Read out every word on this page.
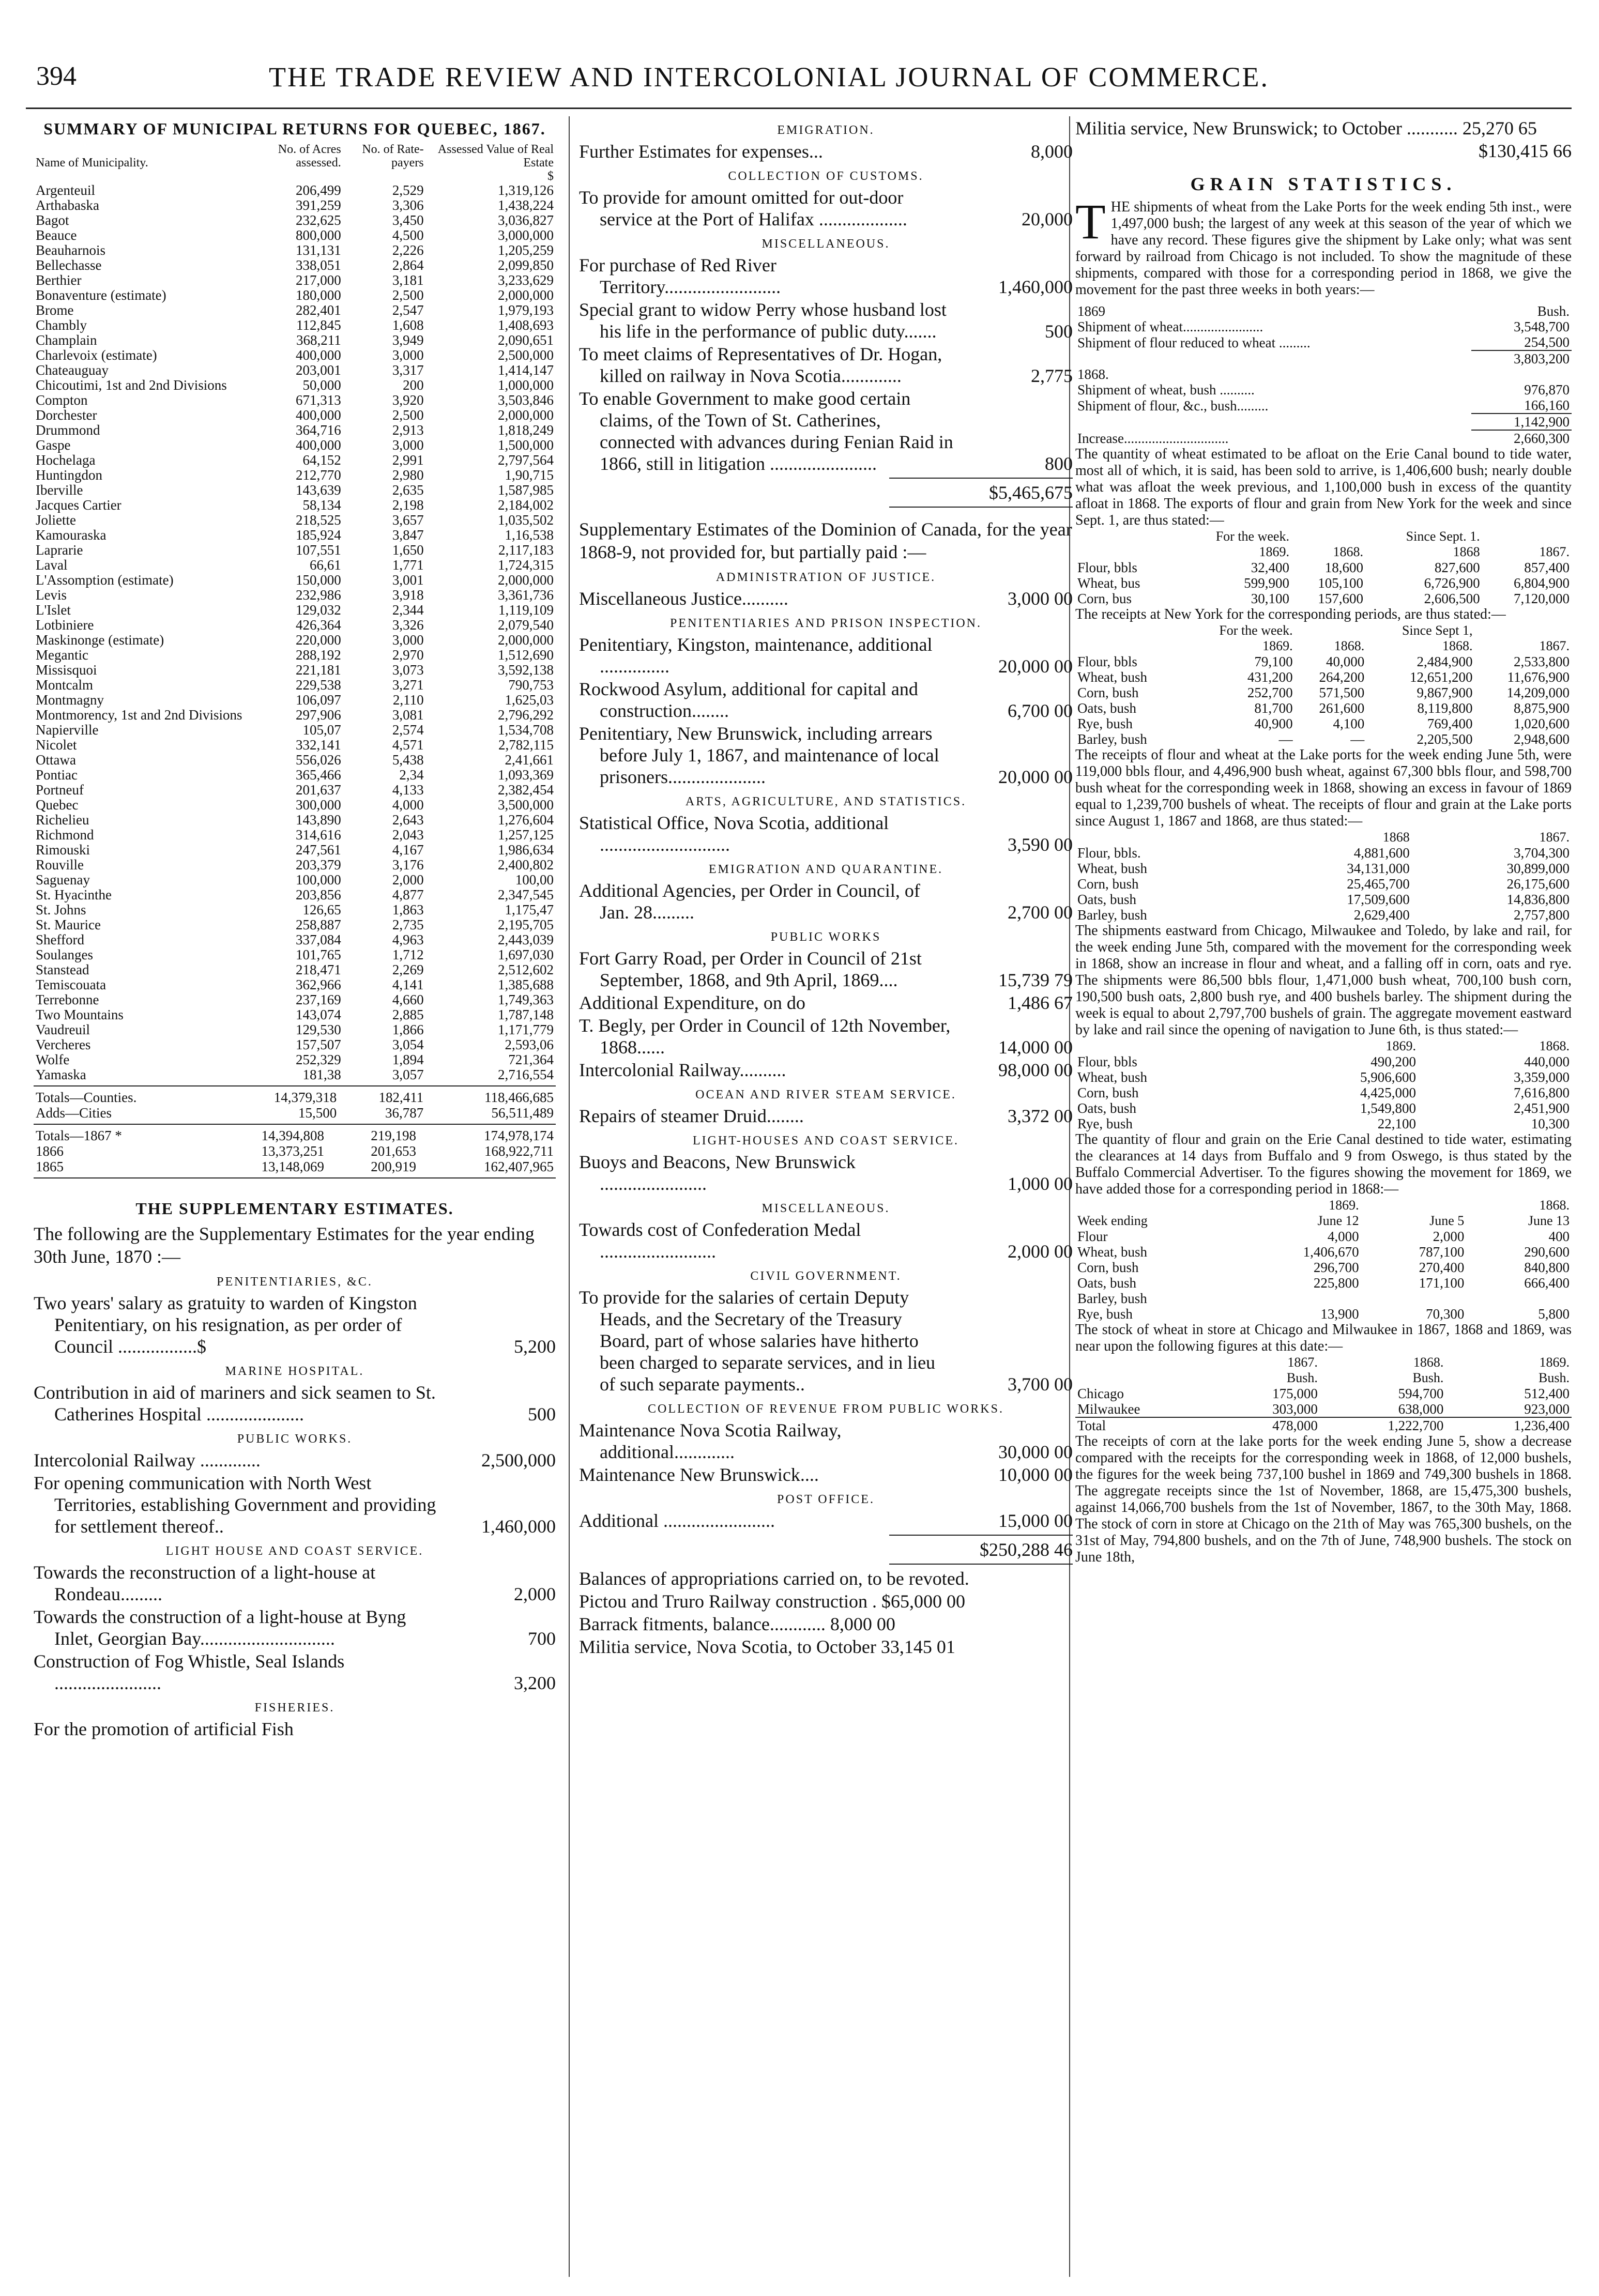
394	THE TRADE REVIEW AND INTERCOLONIAL JOURNAL OF COMMERCE.
SUMMARY OF MUNICIPAL RETURNS FOR QUEBEC, 1867.
Name of Municipality.	No. of Acres assessed.	No. of Rate-payers	Assessed Value of Real Estate
			$
Argenteuil	206,499	2,529	1,319,126
Arthabaska	391,259	3,306	1,438,224
Bagot	232,625	3,450	3,036,827
Beauce	800,000	4,500	3,000,000
Beauharnois	131,131	2,226	1,205,259
Bellechasse	338,051	2,864	2,099,850
Berthier	217,000	3,181	3,233,629
Bonaventure (estimate)	180,000	2,500	2,000,000
Brome	282,401	2,547	1,979,193
Chambly	112,845	1,608	1,408,693
Champlain	368,211	3,949	2,090,651
Charlevoix (estimate)	400,000	3,000	2,500,000
Chateauguay	203,001	3,317	1,414,147
Chicoutimi, 1st and 2nd Divisions	50,000	200	1,000,000
Compton	671,313	3,920	3,503,846
Dorchester	400,000	2,500	2,000,000
Drummond	364,716	2,913	1,818,249
Gaspe	400,000	3,000	1,500,000
Hochelaga	64,152	2,991	2,797,564
Huntingdon	212,770	2,980	1,90,715
Iberville	143,639	2,635	1,587,985
Jacques Cartier	58,134	2,198	2,184,002
Joliette	218,525	3,657	1,035,502
Kamouraska	185,924	3,847	1,16,538
Laprarie	107,551	1,650	2,117,183
Laval	66,61	1,771	1,724,315
L'Assomption (estimate)	150,000	3,001	2,000,000
Levis	232,986	3,918	3,361,736
L'Islet	129,032	2,344	1,119,109
Lotbiniere	426,364	3,326	2,079,540
Maskinonge (estimate)	220,000	3,000	2,000,000
Megantic	288,192	2,970	1,512,690
Missisquoi	221,181	3,073	3,592,138
Montcalm	229,538	3,271	790,753
Montmagny	106,097	2,110	1,625,03
Montmorency, 1st and 2nd Divisions	297,906	3,081	2,796,292
Napierville	105,07	2,574	1,534,708
Nicolet	332,141	4,571	2,782,115
Ottawa	556,026	5,438	2,41,661
Pontiac	365,466	2,34	1,093,369
Portneuf	201,637	4,133	2,382,454
Quebec	300,000	4,000	3,500,000
Richelieu	143,890	2,643	1,276,604
Richmond	314,616	2,043	1,257,125
Rimouski	247,561	4,167	1,986,634
Rouville	203,379	3,176	2,400,802
Saguenay	100,000	2,000	100,00
St. Hyacinthe	203,856	4,877	2,347,545
St. Johns	126,65	1,863	1,175,47
St. Maurice	258,887	2,735	2,195,705
Shefford	337,084	4,963	2,443,039
Soulanges	101,765	1,712	1,697,030
Stanstead	218,471	2,269	2,512,602
Temiscouata	362,966	4,141	1,385,688
Terrebonne	237,169	4,660	1,749,363
Two Mountains	143,074	2,885	1,787,148
Vaudreuil	129,530	1,866	1,171,779
Vercheres	157,507	3,054	2,593,06
Wolfe	252,329	1,894	721,364
Yamaska	181,38	3,057	2,716,554
Totals—Counties.	14,379,318	182,411	118,466,685
Adds—Cities	15,500	36,787	56,511,489
Totals—1867 *	14,394,808	219,198	174,978,174
1866	13,373,251	201,653	168,922,711
1865	13,148,069	200,919	162,407,965
THE SUPPLEMENTARY ESTIMATES.
The following are the Supplementary Estimates for the year ending 30th June, 1870 :—
PENITENTIARIES, &C.
Two years' salary as gratuity to warden of Kingston Penitentiary, on his resignation, as per order of Council .................$	5,200
MARINE HOSPITAL.
Contribution in aid of mariners and sick seamen to St. Catherines Hospital .....................	500
PUBLIC WORKS.
Intercolonial Railway .............	2,500,000
For opening communication with North West Territories, establishing Government and providing for settlement thereof..	1,460,000
LIGHT HOUSE AND COAST SERVICE.
Towards the reconstruction of a light-house at Rondeau.........	2,000
Towards the construction of a light-house at Byng Inlet, Georgian Bay.............................	700
Construction of Fog Whistle, Seal Islands .......................	3,200
FISHERIES.
For the promotion of artificial Fish
EMIGRATION.
Further Estimates for expenses...	8,000
COLLECTION OF CUSTOMS.
To provide for amount omitted for out-door service at the Port of Halifax ...................	20,000
MISCELLANEOUS.
For purchase of Red River Territory.........................	1,460,000
Special grant to widow Perry whose husband lost his life in the performance of public duty.......	500
To meet claims of Representatives of Dr. Hogan, killed on railway in Nova Scotia.............	2,775
To enable Government to make good certain claims, of the Town of St. Catherines, connected with advances during Fenian Raid in 1866, still in litigation .......................	800
$5,465,675
Supplementary Estimates of the Dominion of Canada, for the year 1868-9, not provided for, but partially paid :—
ADMINISTRATION OF JUSTICE.
Miscellaneous Justice..........	3,000 00
PENITENTIARIES AND PRISON INSPECTION.
Penitentiary, Kingston, maintenance, additional ...............	20,000 00
Rockwood Asylum, additional for capital and construction........	6,700 00
Penitentiary, New Brunswick, including arrears before July 1, 1867, and maintenance of local prisoners.....................	20,000 00
ARTS, AGRICULTURE, AND STATISTICS.
Statistical Office, Nova Scotia, additional ............................	3,590 00
EMIGRATION AND QUARANTINE.
Additional Agencies, per Order in Council, of Jan. 28.........	2,700 00
PUBLIC WORKS
Fort Garry Road, per Order in Council of 21st September, 1868, and 9th April, 1869....	15,739 79
Additional Expenditure, on do	1,486 67
T. Begly, per Order in Council of 12th November, 1868......	14,000 00
Intercolonial Railway..........	98,000 00
OCEAN AND RIVER STEAM SERVICE.
Repairs of steamer Druid........	3,372 00
LIGHT-HOUSES AND COAST SERVICE.
Buoys and Beacons, New Brunswick .......................	1,000 00
MISCELLANEOUS.
Towards cost of Confederation Medal .........................	2,000 00
CIVIL GOVERNMENT.
To provide for the salaries of certain Deputy Heads, and the Secretary of the Treasury Board, part of whose salaries have hitherto been charged to separate services, and in lieu of such separate payments..	3,700 00
COLLECTION OF REVENUE FROM PUBLIC WORKS.
Maintenance Nova Scotia Railway, additional.............	30,000 00
Maintenance New Brunswick....	10,000 00
POST OFFICE.
Additional ........................	15,000 00
$250,288 46
Balances of appropriations carried on, to be revoted.
Pictou and Truro Railway construction . $65,000 00
Barrack fitments, balance............ 8,000 00
Militia service, Nova Scotia, to October 33,145 01
Militia service, New Brunswick; to October ........... 25,270 65
$130,415 66
GRAIN STATISTICS.
THE shipments of wheat from the Lake Ports for the week ending 5th inst., were 1,497,000 bush; the largest of any week at this season of the year of which we have any record. These figures give the shipment by Lake only; what was sent forward by railroad from Chicago is not included. To show the magnitude of these shipments, compared with those for a corresponding period in 1868, we give the movement for the past three weeks in both years:—
1869	Bush.
Shipment of wheat.......................	3,548,700
Shipment of flour reduced to wheat .........	254,500
	3,803,200
1868.	
Shipment of wheat, bush ..........	976,870
Shipment of flour, &c., bush.........	166,160
	1,142,900
Increase..............................	2,660,300
The quantity of wheat estimated to be afloat on the Erie Canal bound to tide water, most all of which, it is said, has been sold to arrive, is 1,406,600 bush; nearly double what was afloat the week previous, and 1,100,000 bush in excess of the quantity afloat in 1868. The exports of flour and grain from New York for the week and since Sept. 1, are thus stated:—
	For the week.		Since Sept. 1.	
	1869.	1868.	1868	1867.
Flour, bbls	32,400	18,600	827,600	857,400
Wheat, bus	599,900	105,100	6,726,900	6,804,900
Corn, bus	30,100	157,600	2,606,500	7,120,000
The receipts at New York for the corresponding periods, are thus stated:—
	For the week.		Since Sept 1,	
	1869.	1868.	1868.	1867.
Flour, bbls	79,100	40,000	2,484,900	2,533,800
Wheat, bush	431,200	264,200	12,651,200	11,676,900
Corn, bush	252,700	571,500	9,867,900	14,209,000
Oats, bush	81,700	261,600	8,119,800	8,875,900
Rye, bush	40,900	4,100	769,400	1,020,600
Barley, bush	—	—	2,205,500	2,948,600
The receipts of flour and wheat at the Lake ports for the week ending June 5th, were 119,000 bbls flour, and 4,496,900 bush wheat, against 67,300 bbls flour, and 598,700 bush wheat for the corresponding week in 1868, showing an excess in favour of 1869 equal to 1,239,700 bushels of wheat. The receipts of flour and grain at the Lake ports since August 1, 1867 and 1868, are thus stated:—
	1868	1867.
Flour, bbls.	4,881,600	3,704,300
Wheat, bush	34,131,000	30,899,000
Corn, bush	25,465,700	26,175,600
Oats, bush	17,509,600	14,836,800
Barley, bush	2,629,400	2,757,800
The shipments eastward from Chicago, Milwaukee and Toledo, by lake and rail, for the week ending June 5th, compared with the movement for the corresponding week in 1868, show an increase in flour and wheat, and a falling off in corn, oats and rye. The shipments were 86,500 bbls flour, 1,471,000 bush wheat, 700,100 bush corn, 190,500 bush oats, 2,800 bush rye, and 400 bushels barley. The shipment during the week is equal to about 2,797,700 bushels of grain. The aggregate movement eastward by lake and rail since the opening of navigation to June 6th, is thus stated:—
	1869.	1868.
Flour, bbls	490,200	440,000
Wheat, bush	5,906,600	3,359,000
Corn, bush	4,425,000	7,616,800
Oats, bush	1,549,800	2,451,900
Rye, bush	22,100	10,300
The quantity of flour and grain on the Erie Canal destined to tide water, estimating the clearances at 14 days from Buffalo and 9 from Oswego, is thus stated by the Buffalo Commercial Advertiser. To the figures showing the movement for 1869, we have added those for a corresponding period in 1868:—
	1869.		1868.
Week ending	June 12	June 5	June 13
Flour	4,000	2,000	400
Wheat, bush	1,406,670	787,100	290,600
Corn, bush	296,700	270,400	840,800
Oats, bush	225,800	171,100	666,400
Barley, bush			
Rye, bush	13,900	70,300	5,800
The stock of wheat in store at Chicago and Milwaukee in 1867, 1868 and 1869, was near upon the following figures at this date:—
	1867.	1868.	1869.
	Bush.	Bush.	Bush.
Chicago	175,000	594,700	512,400
Milwaukee	303,000	638,000	923,000
Total	478,000	1,222,700	1,236,400
The receipts of corn at the lake ports for the week ending June 5, show a decrease compared with the receipts for the corresponding week in 1868, of 12,000 bushels, the figures for the week being 737,100 bushel in 1869 and 749,300 bushels in 1868. The aggregate receipts since the 1st of November, 1868, are 15,475,300 bushels, against 14,066,700 bushels from the 1st of November, 1867, to the 30th May, 1868. The stock of corn in store at Chicago on the 21th of May was 765,300 bushels, on the 31st of May, 794,800 bushels, and on the 7th of June, 748,900 bushels. The stock on June 18th,
